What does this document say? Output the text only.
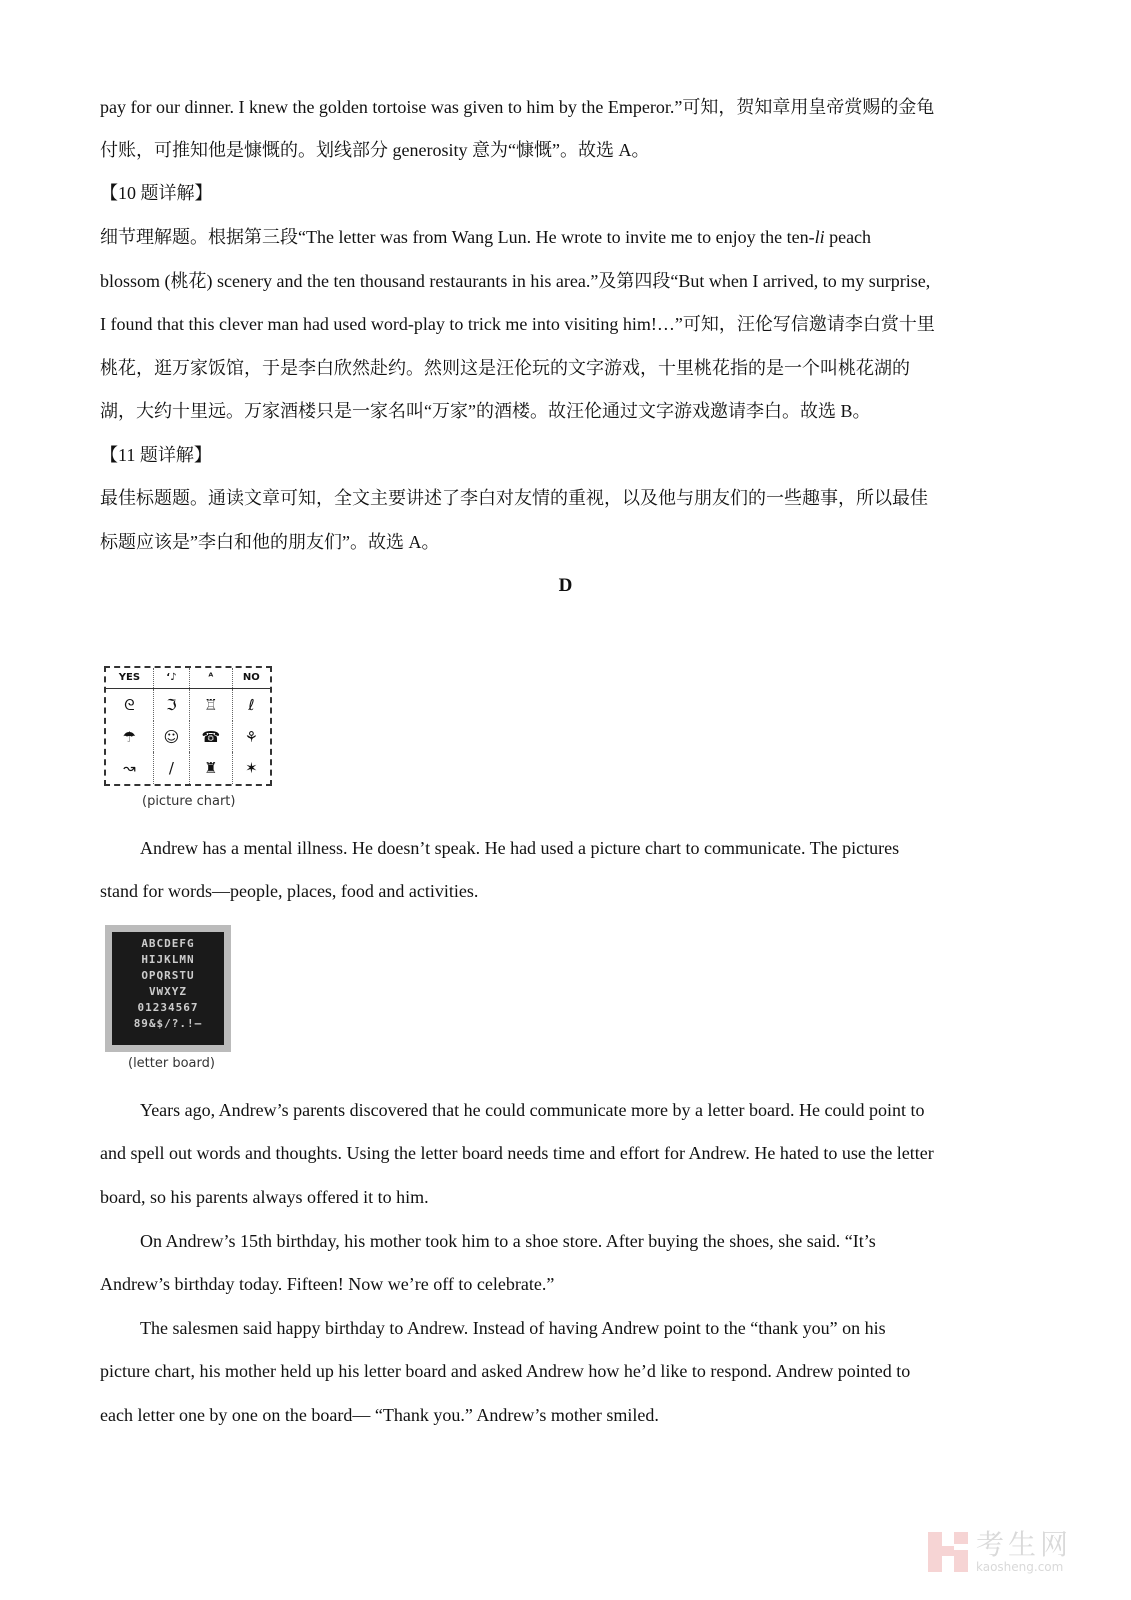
pay for our dinner. I knew the golden tortoise was given to him by the Emperor.”可知，贺知章用皇帝赏赐的金龟
付账，可推知他是慷慨的。划线部分 generosity 意为“慷慨”。故选 A。
【10 题详解】
细节理解题。根据第三段“The letter was from Wang Lun. He wrote to invite me to enjoy the ten-li peach
blossom (桃花) scenery and the ten thousand restaurants in his area.”及第四段“But when I arrived, to my surprise,
I found that this clever man had used word-play to trick me into visiting him!…”可知，汪伦写信邀请李白赏十里
桃花，逛万家饭馆，于是李白欣然赴约。然则这是汪伦玩的文字游戏，十里桃花指的是一个叫桃花湖的
湖，大约十里远。万家酒楼只是一家名叫“万家”的酒楼。故汪伦通过文字游戏邀请李白。故选 B。
【11 题详解】
最佳标题题。通读文章可知，全文主要讲述了李白对友情的重视，以及他与朋友们的一些趣事，所以最佳
标题应该是”李白和他的朋友们”。故选 A。
D
YES	ʻ♪	ᴬ	NO
ᘓ	ℑ	♖	ℓ
☂	☺	☎	⚘
↝	/	♜	✶
(picture chart)
Andrew has a mental illness. He doesn’t speak. He had used a picture chart to communicate. The pictures
stand for words—people, places, food and activities.
ABCDEFG
HIJKLMN
OPQRSTU
VWXYZ
01234567
89&$/?.!—
(letter board)
Years ago, Andrew’s parents discovered that he could communicate more by a letter board. He could point to
and spell out words and thoughts. Using the letter board needs time and effort for Andrew. He hated to use the letter
board, so his parents always offered it to him.
On Andrew’s 15th birthday, his mother took him to a shoe store. After buying the shoes, she said. “It’s
Andrew’s birthday today. Fifteen! Now we’re off to celebrate.”
The salesmen said happy birthday to Andrew. Instead of having Andrew point to the “thank you” on his
picture chart, his mother held up his letter board and asked Andrew how he’d like to respond. Andrew pointed to
each letter one by one on the board— “Thank you.” Andrew’s mother smiled.
考生网
kaosheng.com
